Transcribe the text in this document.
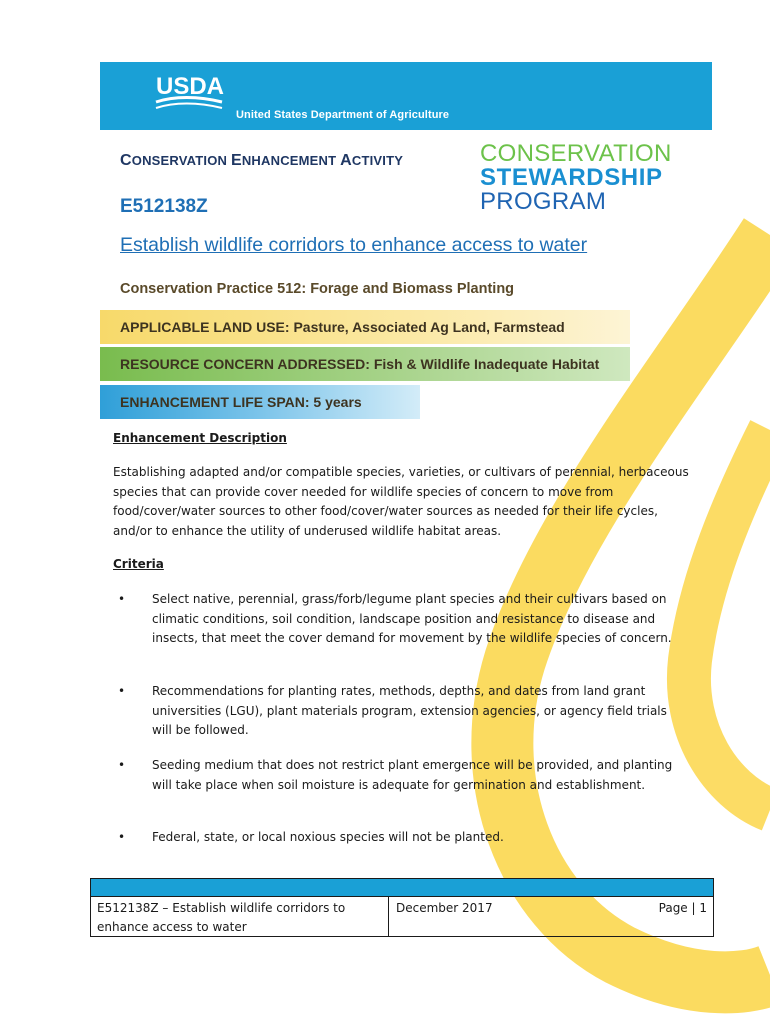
USDA
United States Department of Agriculture
CONSERVATION ENHANCEMENT ACTIVITY
E512138Z
CONSERVATION
STEWARDSHIP
PROGRAM
Establish wildlife corridors to enhance access to water
Conservation Practice 512: Forage and Biomass Planting
APPLICABLE LAND USE: Pasture, Associated Ag Land, Farmstead
RESOURCE CONCERN ADDRESSED: Fish & Wildlife Inadequate Habitat
ENHANCEMENT LIFE SPAN: 5 years
Enhancement Description

Establishing adapted and/or compatible species, varieties, or cultivars of perennial, herbaceous species that can provide cover needed for wildlife species of concern to move from food/cover/water sources to other food/cover/water sources as needed for their life cycles, and/or to enhance the utility of underused wildlife habitat areas.

Criteria
• Select native, perennial, grass/forb/legume plant species and their cultivars based on climatic conditions, soil condition, landscape position and resistance to disease and insects, that meet the cover demand for movement by the wildlife species of concern.
• Recommendations for planting rates, methods, depths, and dates from land grant universities (LGU), plant materials program, extension agencies, or agency field trials will be followed.
• Seeding medium that does not restrict plant emergence will be provided, and planting will take place when soil moisture is adequate for germination and establishment.
• Federal, state, or local noxious species will not be planted.
E512138Z – Establish wildlife corridors to enhance access to water
December 2017	Page | 1
